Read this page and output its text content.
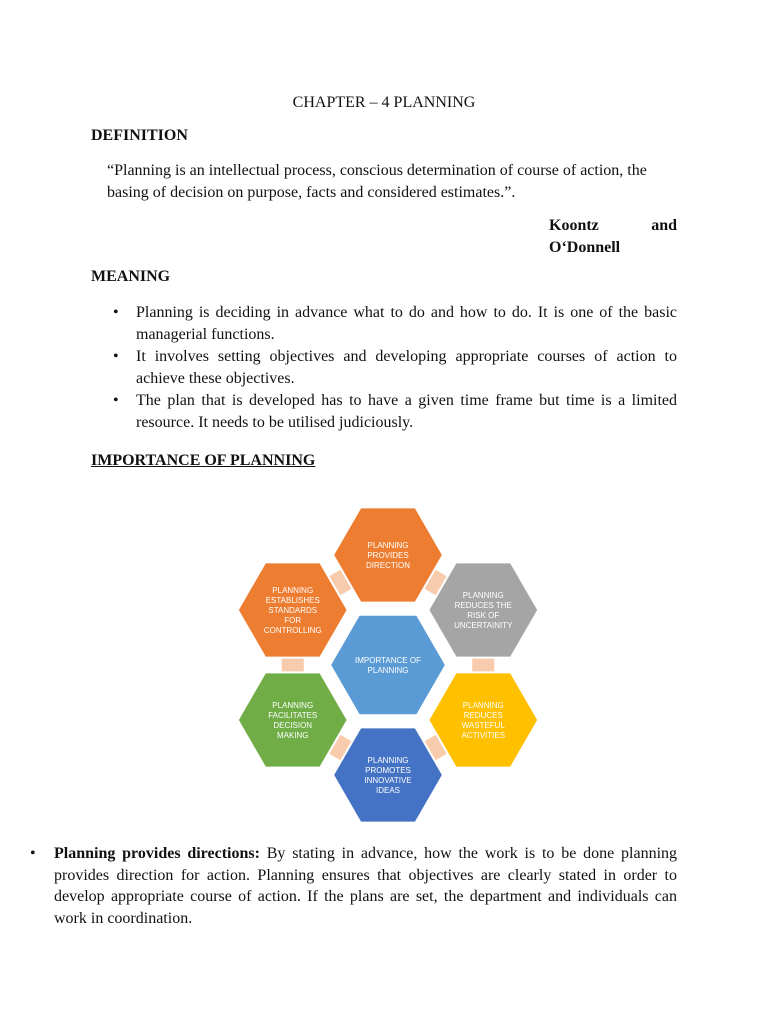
CHAPTER – 4 PLANNING
DEFINITION
“Planning is an intellectual process, conscious determination of course of action, the basing of decision on purpose, facts and considered estimates.”.
Koontz	and
O‘Donnell
MEANING
• Planning is deciding in advance what to do and how to do. It is one of the basic managerial functions.
• It involves setting objectives and developing appropriate courses of action to achieve these objectives.
• The plan that is developed has to have a given time frame but time is a limited resource. It needs to be utilised judiciously.
IMPORTANCE OF PLANNING
PLANNING
PROVIDES
DIRECTION
PLANNING
REDUCES THE
RISK OF
UNCERTAINITY
PLANNING
REDUCES
WASTEFUL
ACTIVITIES
PLANNING
PROMOTES
INNOVATIVE
IDEAS
PLANNING
FACILITATES
DECISION
MAKING
PLANNING
ESTABLISHES
STANDARDS
FOR
CONTROLLING
IMPORTANCE OF
PLANNING
• Planning provides directions: By stating in advance, how the work is to be done planning provides direction for action. Planning ensures that objectives are clearly stated in order to develop appropriate course of action. If the plans are set, the department and individuals can work in coordination.
